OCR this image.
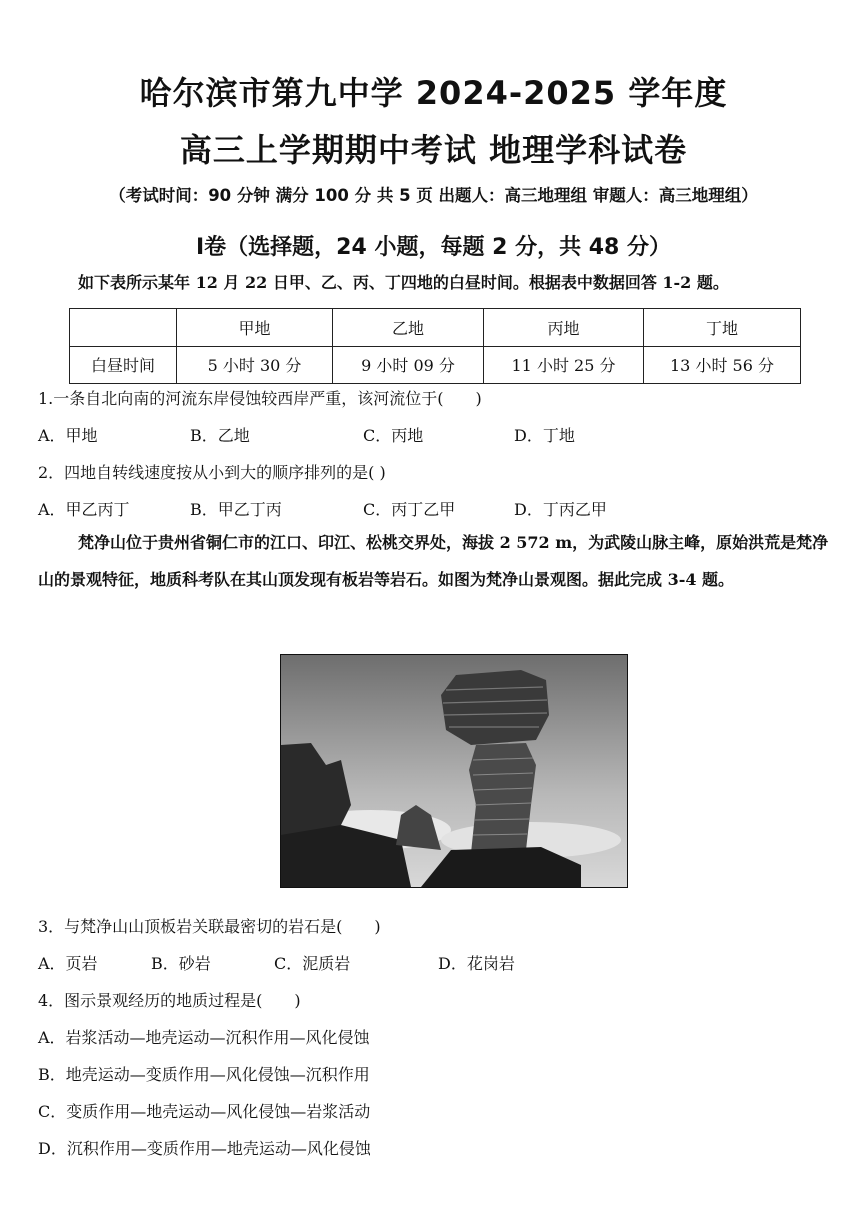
哈尔滨市第九中学 2024-2025 学年度
高三上学期期中考试 地理学科试卷
（考试时间：90 分钟 满分 100 分 共 5 页 出题人：高三地理组 审题人：高三地理组）
Ⅰ卷（选择题，24 小题，每题 2 分，共 48 分）
如下表所示某年 12 月 22 日甲、乙、丙、丁四地的白昼时间。根据表中数据回答 1-2 题。
	甲地	乙地	丙地	丁地
白昼时间	5 小时 30 分	9 小时 09 分	11 小时 25 分	13 小时 56 分
1.一条自北向南的河流东岸侵蚀较西岸严重，该河流位于(　　)
A．甲地	B．乙地	C．丙地	D．丁地
2．四地自转线速度按从小到大的顺序排列的是( )
A．甲乙丙丁	B．甲乙丁丙	C．丙丁乙甲	D．丁丙乙甲
梵净山位于贵州省铜仁市的江口、印江、松桃交界处，海拔 2 572 m，为武陵山脉主峰，原始洪荒是梵净山的景观特征，地质科考队在其山顶发现有板岩等岩石。如图为梵净山景观图。据此完成 3-4 题。
3．与梵净山山顶板岩关联最密切的岩石是(　　)
A．页岩	B．砂岩	C．泥质岩	D．花岗岩
4．图示景观经历的地质过程是(　　)
A．岩浆活动—地壳运动—沉积作用—风化侵蚀
B．地壳运动—变质作用—风化侵蚀—沉积作用
C．变质作用—地壳运动—风化侵蚀—岩浆活动
D．沉积作用—变质作用—地壳运动—风化侵蚀
